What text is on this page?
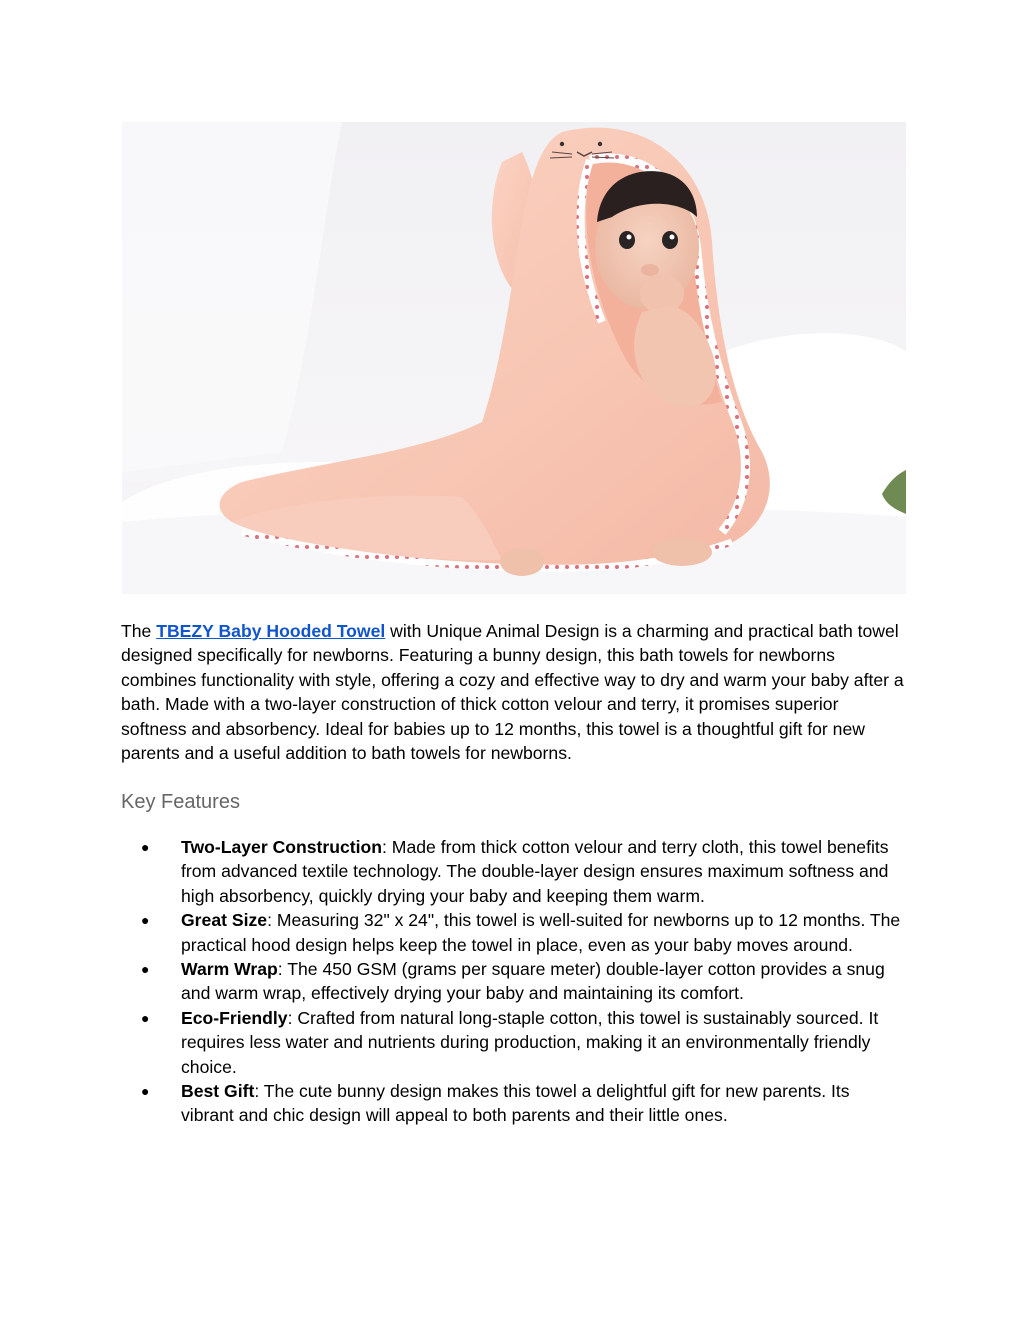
The TBEZY Baby Hooded Towel with Unique Animal Design is a charming and practical bath towel designed specifically for newborns. Featuring a bunny design, this bath towels for newborns combines functionality with style, offering a cozy and effective way to dry and warm your baby after a bath. Made with a two-layer construction of thick cotton velour and terry, it promises superior softness and absorbency. Ideal for babies up to 12 months, this towel is a thoughtful gift for new parents and a useful addition to bath towels for newborns.

Key Features
● Two-Layer Construction: Made from thick cotton velour and terry cloth, this towel benefits from advanced textile technology. The double-layer design ensures maximum softness and high absorbency, quickly drying your baby and keeping them warm.
● Great Size: Measuring 32" x 24", this towel is well-suited for newborns up to 12 months. The practical hood design helps keep the towel in place, even as your baby moves around.
● Warm Wrap: The 450 GSM (grams per square meter) double-layer cotton provides a snug and warm wrap, effectively drying your baby and maintaining its comfort.
● Eco-Friendly: Crafted from natural long-staple cotton, this towel is sustainably sourced. It requires less water and nutrients during production, making it an environmentally friendly choice.
● Best Gift: The cute bunny design makes this towel a delightful gift for new parents. Its vibrant and chic design will appeal to both parents and their little ones.
